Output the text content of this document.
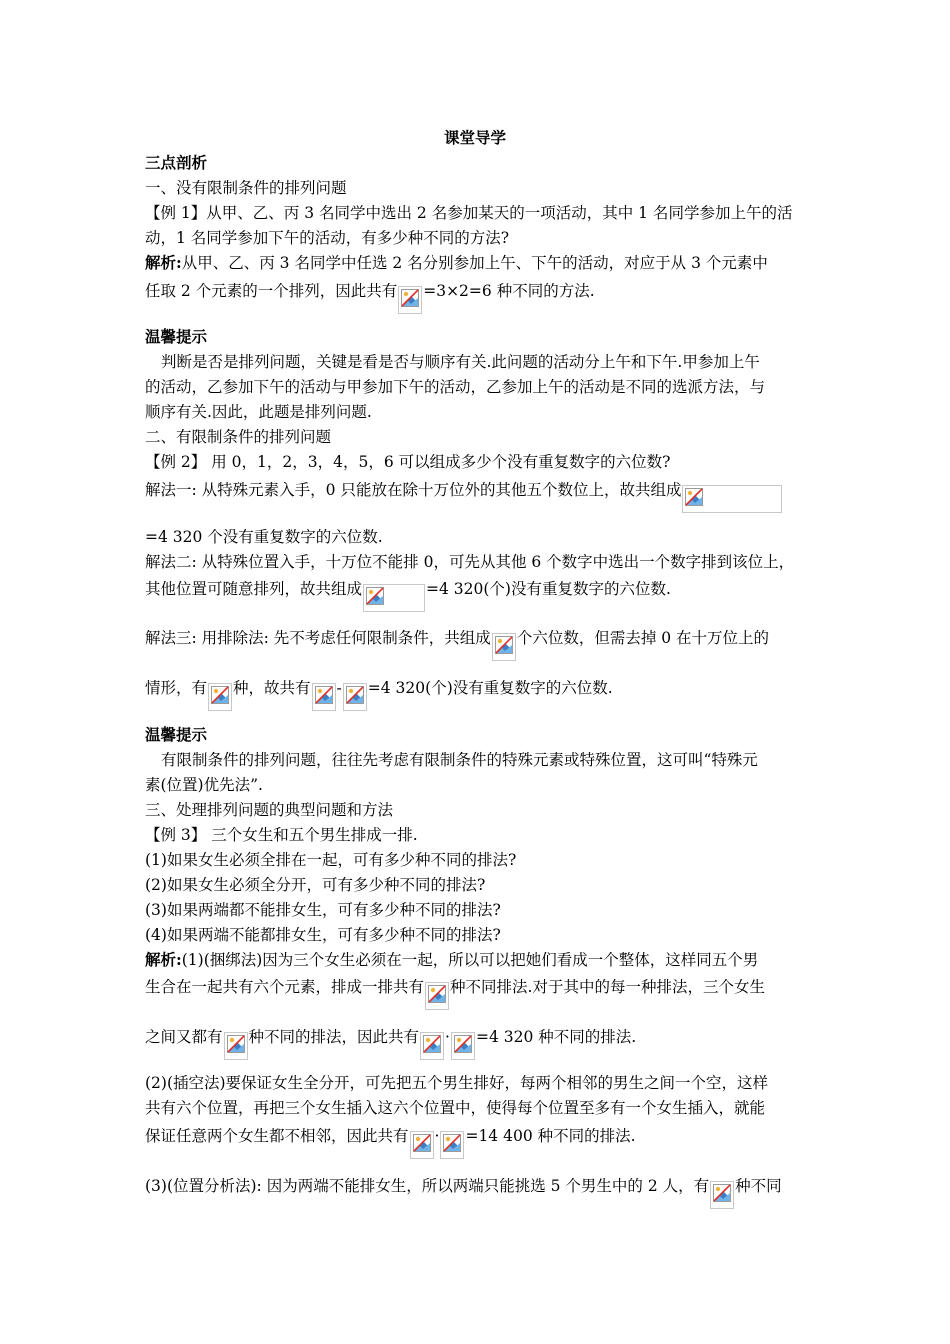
课堂导学
三点剖析
一、没有限制条件的排列问题
【例 1】从甲、乙、丙 3 名同学中选出 2 名参加某天的一项活动，其中 1 名同学参加上午的活
动，1 名同学参加下午的活动，有多少种不同的方法?
解析:从甲、乙、丙 3 名同学中任选 2 名分别参加上午、下午的活动，对应于从 3 个元素中
任取 2 个元素的一个排列，因此共有 =3×2=6 种不同的方法.
温馨提示
判断是否是排列问题，关键是看是否与顺序有关.此问题的活动分上午和下午.甲参加上午
的活动，乙参加下午的活动与甲参加下午的活动，乙参加上午的活动是不同的选派方法，与
顺序有关.因此，此题是排列问题.
二、有限制条件的排列问题
【例 2】 用 0，1，2，3，4，5，6 可以组成多少个没有重复数字的六位数?
解法一: 从特殊元素入手，0 只能放在除十万位外的其他五个数位上，故共组成
=4 320 个没有重复数字的六位数.
解法二: 从特殊位置入手，十万位不能排 0，可先从其他 6 个数字中选出一个数字排到该位上，
其他位置可随意排列，故共组成	=4 320(个)没有重复数字的六位数.
解法三: 用排除法: 先不考虑任何限制条件，共组成 个六位数，但需去掉 0 在十万位上的
情形，有 种，故共有 - =4 320(个)没有重复数字的六位数.
温馨提示
有限制条件的排列问题，往往先考虑有限制条件的特殊元素或特殊位置，这可叫“特殊元
素(位置)优先法”.
三、处理排列问题的典型问题和方法
【例 3】 三个女生和五个男生排成一排.
(1)如果女生必须全排在一起，可有多少种不同的排法?
(2)如果女生必须全分开，可有多少种不同的排法?
(3)如果两端都不能排女生，可有多少种不同的排法?
(4)如果两端不能都排女生，可有多少种不同的排法?
解析:(1)(捆绑法)因为三个女生必须在一起，所以可以把她们看成一个整体，这样同五个男
生合在一起共有六个元素，排成一排共有 种不同排法.对于其中的每一种排法，三个女生
之间又都有 种不同的排法，因此共有 · =4 320 种不同的排法.
(2)(插空法)要保证女生全分开，可先把五个男生排好，每两个相邻的男生之间一个空，这样
共有六个位置，再把三个女生插入这六个位置中，使得每个位置至多有一个女生插入，就能
保证任意两个女生都不相邻，因此共有 · =14 400 种不同的排法.
(3)(位置分析法): 因为两端不能排女生，所以两端只能挑选 5 个男生中的 2 人，有 种不同
